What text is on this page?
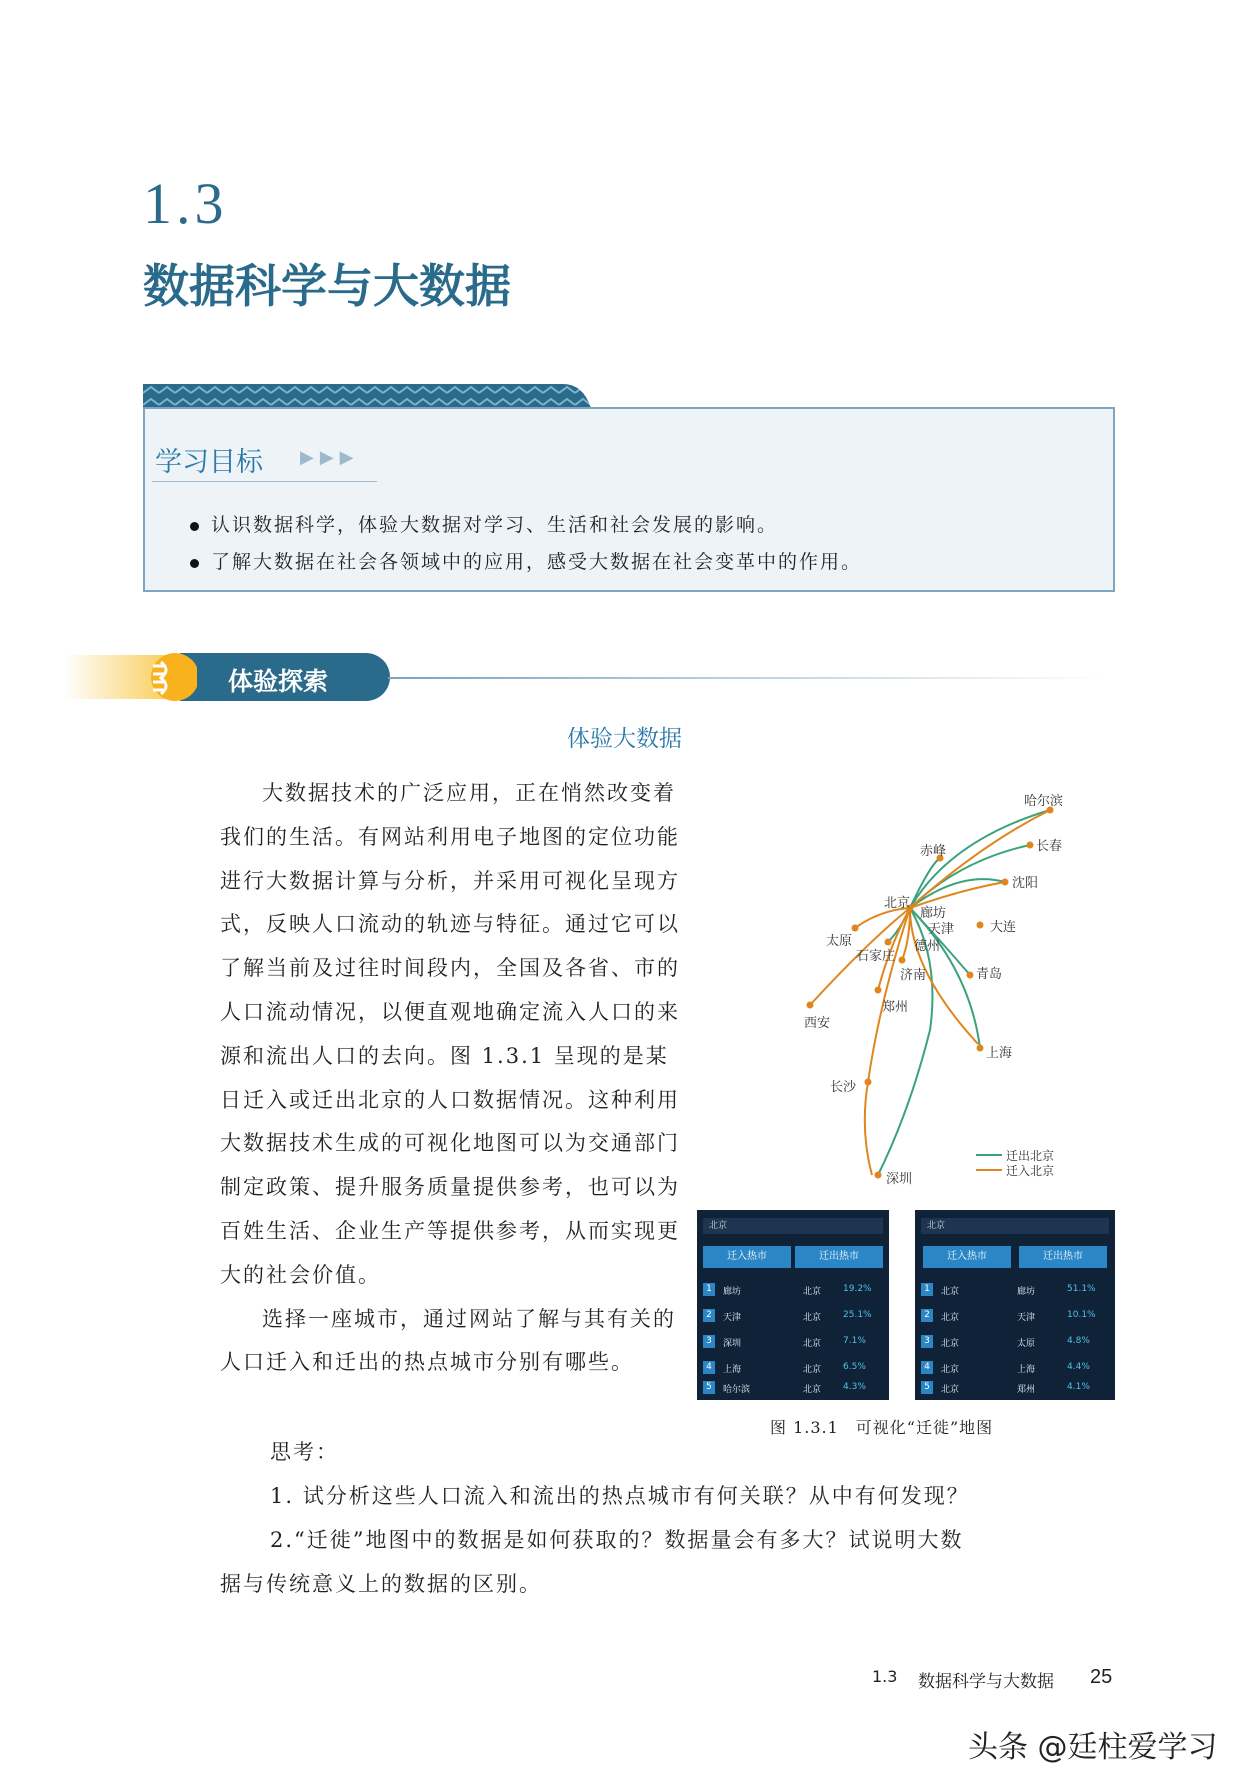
1.3
数据科学与大数据
学习目标 ▶▶▶
认识数据科学，体验大数据对学习、生活和社会发展的影响。
了解大数据在社会各领域中的应用，感受大数据在社会变革中的作用。
体验探索
体验大数据

大数据技术的广泛应用，正在悄然改变着我们的生活。有网站利用电子地图的定位功能进行大数据计算与分析，并采用可视化呈现方式，反映人口流动的轨迹与特征。通过它可以了解当前及过往时间段内，全国及各省、市的人口流动情况，以便直观地确定流入人口的来源和流出人口的去向。图 1.3.1 呈现的是某日迁入或迁出北京的人口数据情况。这种利用大数据技术生成的可视化地图可以为交通部门制定政策、提升服务质量提供参考，也可以为百姓生活、企业生产等提供参考，从而实现更大的社会价值。

选择一座城市，通过网站了解与其有关的人口迁入和迁出的热点城市分别有哪些。

哈尔滨
长春
赤峰
沈阳
北京
廊坊
天津	大连
太原
石家庄
德州
济南	青岛
西安
郑州
上海
长沙
深圳
迁出北京
迁入北京
北京
迁入热市	迁出热市
1	廊坊	北京 19.2%
2	天津	北京 25.1%
3	深圳	北京 7.1%
4	上海	北京 6.5%
5	哈尔滨	北京 4.3%
北京
迁入热市	迁出热市
1	北京	廊坊	51.1%
2	北京	天津	10.1%
3	北京	太原	4.8%
4	北京	上海	4.4%
5	北京	郑州	4.1%
图 1.3.1　可视化“迁徙”地图
思考：
1. 试分析这些人口流入和流出的热点城市有何关联？从中有何发现？
2.“迁徙”地图中的数据是如何获取的？数据量会有多大？试说明大数
据与传统意义上的数据的区别。
1.3 数据科学与大数据 25
头条 @廷柱爱学习
